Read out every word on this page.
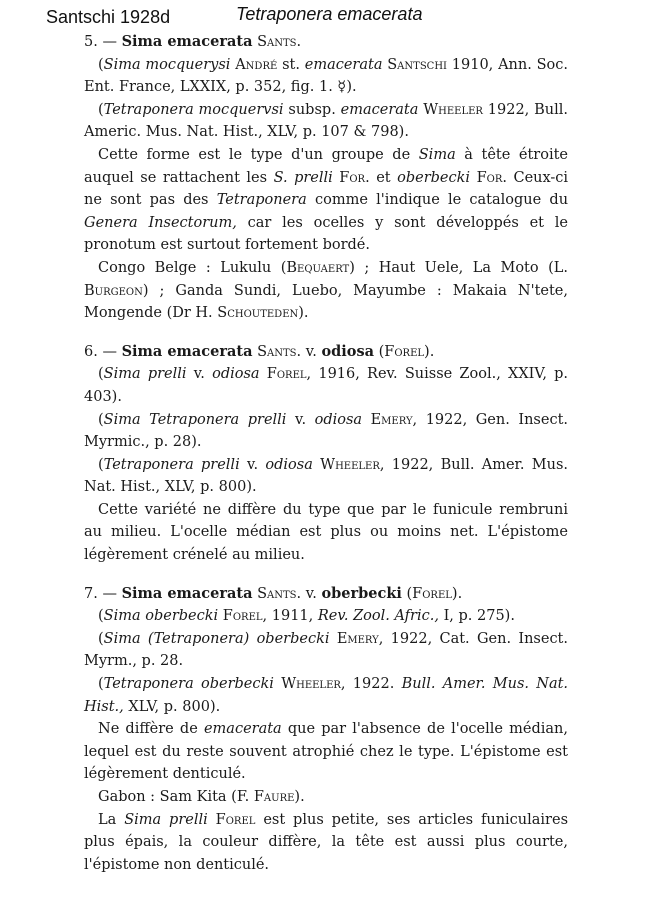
Santschi 1928d	Tetraponera emacerata

5. — Sima emacerata Sants.

(Sima mocquerysi André st. emacerata Santschi 1910, Ann. Soc. Ent. France, LXXIX, p. 352, fig. 1. ☿).

(Tetraponera mocquervsi subsp. emacerata Wheeler 1922, Bull. Americ. Mus. Nat. Hist., XLV, p. 107 & 798).

Cette forme est le type d'un groupe de Sima à tête étroite auquel se rattachent les S. prelli For. et oberbecki For. Ceux-ci ne sont pas des Tetraponera comme l'indique le catalogue du Genera Insectorum, car les ocelles y sont développés et le pronotum est surtout fortement bordé.

Congo Belge : Lukulu (Bequaert) ; Haut Uele, La Moto (L. Burgeon) ; Ganda Sundi, Luebo, Mayumbe : Makaia N'tete, Mongende (Dr H. Schouteden).

6. — Sima emacerata Sants. v. odiosa (Forel).

(Sima prelli v. odiosa Forel, 1916, Rev. Suisse Zool., XXIV, p. 403).

(Sima Tetraponera prelli v. odiosa Emery, 1922, Gen. Insect. Myrmic., p. 28).

(Tetraponera prelli v. odiosa Wheeler, 1922, Bull. Amer. Mus. Nat. Hist., XLV, p. 800).

Cette variété ne diffère du type que par le funicule rembruni au milieu. L'ocelle médian est plus ou moins net. L'épistome légèrement crénelé au milieu.

7. — Sima emacerata Sants. v. oberbecki (Forel).

(Sima oberbecki Forel, 1911, Rev. Zool. Afric., I, p. 275).

(Sima (Tetraponera) oberbecki Emery, 1922, Cat. Gen. Insect. Myrm., p. 28.

(Tetraponera oberbecki Wheeler, 1922. Bull. Amer. Mus. Nat. Hist., XLV, p. 800).

Ne diffère de emacerata que par l'absence de l'ocelle médian, lequel est du reste souvent atrophié chez le type. L'épistome est légèrement denticulé.

Gabon : Sam Kita (F. Faure).

La Sima prelli Forel est plus petite, ses articles funiculaires plus épais, la couleur diffère, la tête est aussi plus courte, l'épistome non denticulé.
